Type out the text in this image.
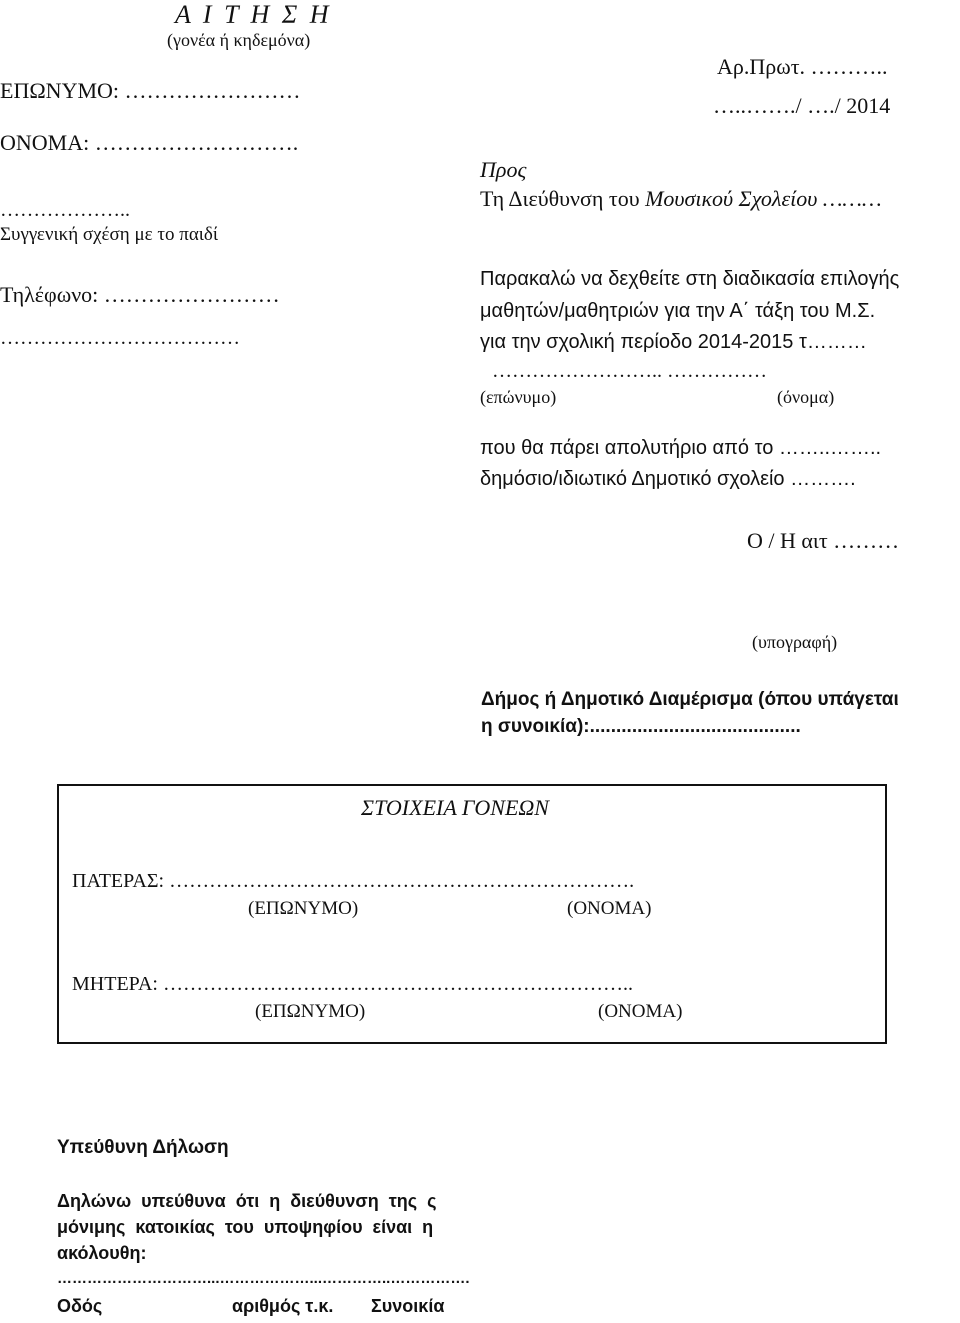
Α Ι Τ Η Σ Η
(γονέα ή κηδεμόνα)
ΕΠΩΝΥΜΟ: ……………………
ΟΝΟΜΑ: ……………………….
………………..
Συγγενική σχέση με το παιδί
Τηλέφωνο: ……………………
………………………………
Αρ.Πρωτ. ………..
…..……./ …./ 2014
Προς
Τη Διεύθυνση του Μουσικού Σχολείου ………
Παρακαλώ να δεχθείτε στη διαδικασία επιλογής
μαθητών/μαθητριών για την Α΄ τάξη του Μ.Σ.
για την σχολική περίοδο 2014-2015 τ………
…………………….. ……………
(επώνυμο)	(όνομα)
που θα πάρει απολυτήριο από το ……..……..
δημόσιο/ιδιωτικό Δημοτικό σχολείο ……….
Ο / Η αιτ ………
(υπογραφή)
Δήμος ή Δημοτικό Διαμέρισμα (όπου υπάγεται
η συνοικία):........................................
ΣΤΟΙΧΕΙΑ ΓΟΝΕΩΝ
ΠΑΤΕΡΑΣ: …………………………………………………………….
(ΕΠΩΝΥΜΟ)	(ΟΝΟΜΑ)
ΜΗΤΕΡΑ: ……………………………………………………………..
(ΕΠΩΝΥΜΟ)	(ΟΝΟΜΑ)
Υπεύθυνη Δήλωση
Δηλώνω υπεύθυνα ότι η διεύθυνση της ς
μόνιμης κατοικίας του υποψηφίου είναι η
ακόλουθη:
…………………………...………………...…………..…………….
Οδός	αριθμός τ.κ. Συνοικία
